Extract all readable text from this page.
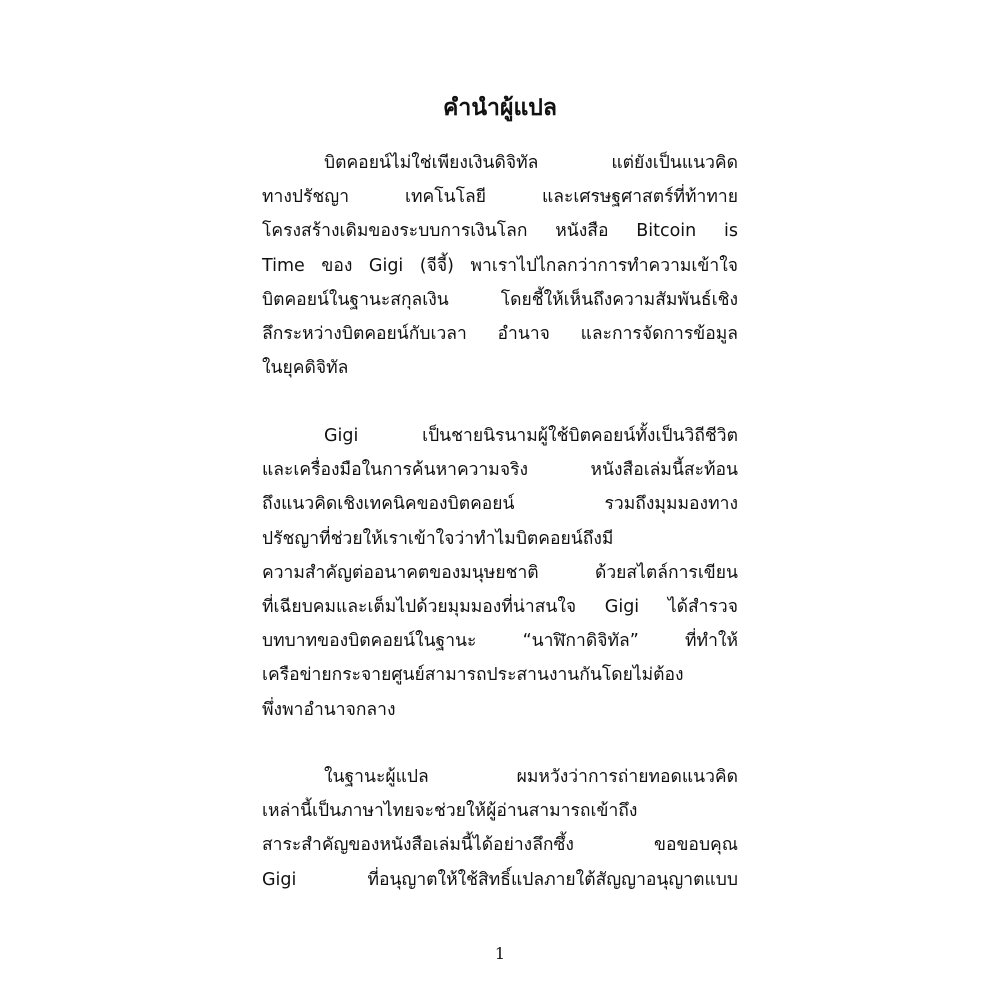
คำนำผู้แปล
บิตคอยน์ไม่ใช่เพียงเงินดิจิทัล แต่ยังเป็นแนวคิด
ทางปรัชญา เทคโนโลยี และเศรษฐศาสตร์ที่ท้าทาย
โครงสร้างเดิมของระบบการเงินโลก หนังสือ Bitcoin is
Time ของ Gigi (จีจี้) พาเราไปไกลกว่าการทำความเข้าใจ
บิตคอยน์ในฐานะสกุลเงิน โดยชี้ให้เห็นถึงความสัมพันธ์เชิง
ลึกระหว่างบิตคอยน์กับเวลา อำนาจ และการจัดการข้อมูล
ในยุคดิจิทัล
Gigi เป็นชายนิรนามผู้ใช้บิตคอยน์ทั้งเป็นวิถีชีวิต
และเครื่องมือในการค้นหาความจริง หนังสือเล่มนี้สะท้อน
ถึงแนวคิดเชิงเทคนิคของบิตคอยน์ รวมถึงมุมมองทาง
ปรัชญาที่ช่วยให้เราเข้าใจว่าทำไมบิตคอยน์ถึงมี
ความสำคัญต่ออนาคตของมนุษยชาติ ด้วยสไตล์การเขียน
ที่เฉียบคมและเต็มไปด้วยมุมมองที่น่าสนใจ Gigi ได้สำรวจ
บทบาทของบิตคอยน์ในฐานะ “นาฬิกาดิจิทัล” ที่ทำให้
เครือข่ายกระจายศูนย์สามารถประสานงานกันโดยไม่ต้อง
พึ่งพาอำนาจกลาง
ในฐานะผู้แปล ผมหวังว่าการถ่ายทอดแนวคิด
เหล่านี้เป็นภาษาไทยจะช่วยให้ผู้อ่านสามารถเข้าถึง
สาระสำคัญของหนังสือเล่มนี้ได้อย่างลึกซึ้ง ขอขอบคุณ
Gigi ที่อนุญาตให้ใช้สิทธิ์แปลภายใต้สัญญาอนุญาตแบบ
1
